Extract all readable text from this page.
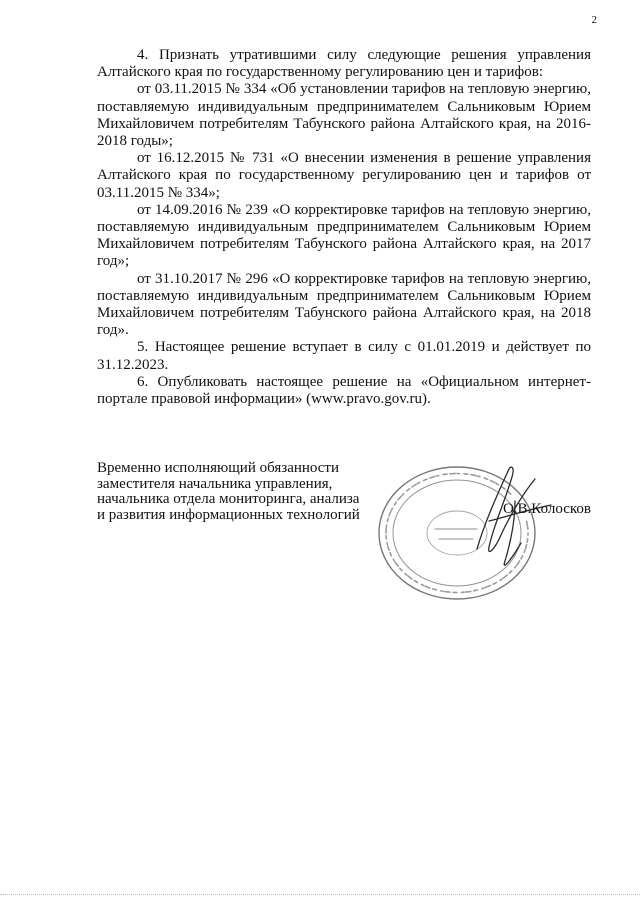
2

4. Признать утратившими силу следующие решения управления Алтайского края по государственному регулированию цен и тарифов:

от 03.11.2015 № 334 «Об установлении тарифов на тепловую энергию, поставляемую индивидуальным предпринимателем Сальниковым Юрием Михайловичем потребителям Табунского района Алтайского края, на 2016-2018 годы»;

от 16.12.2015 № 731 «О внесении изменения в решение управления Алтайского края по государственному регулированию цен и тарифов от 03.11.2015 № 334»;

от 14.09.2016 № 239 «О корректировке тарифов на тепловую энергию, поставляемую индивидуальным предпринимателем Сальниковым Юрием Михайловичем потребителям Табунского района Алтайского края, на 2017 год»;

от 31.10.2017 № 296 «О корректировке тарифов на тепловую энергию, поставляемую индивидуальным предпринимателем Сальниковым Юрием Михайловичем потребителям Табунского района Алтайского края, на 2018 год».

5. Настоящее решение вступает в силу с 01.01.2019 и действует по 31.12.2023.

6. Опубликовать настоящее решение на «Официальном интернет-портале правовой информации» (www.pravo.gov.ru).

Временно исполняющий обязанности
заместителя начальника управления,
начальника отдела мониторинга, анализа
и развития информационных технологий	О.В.Колосков
